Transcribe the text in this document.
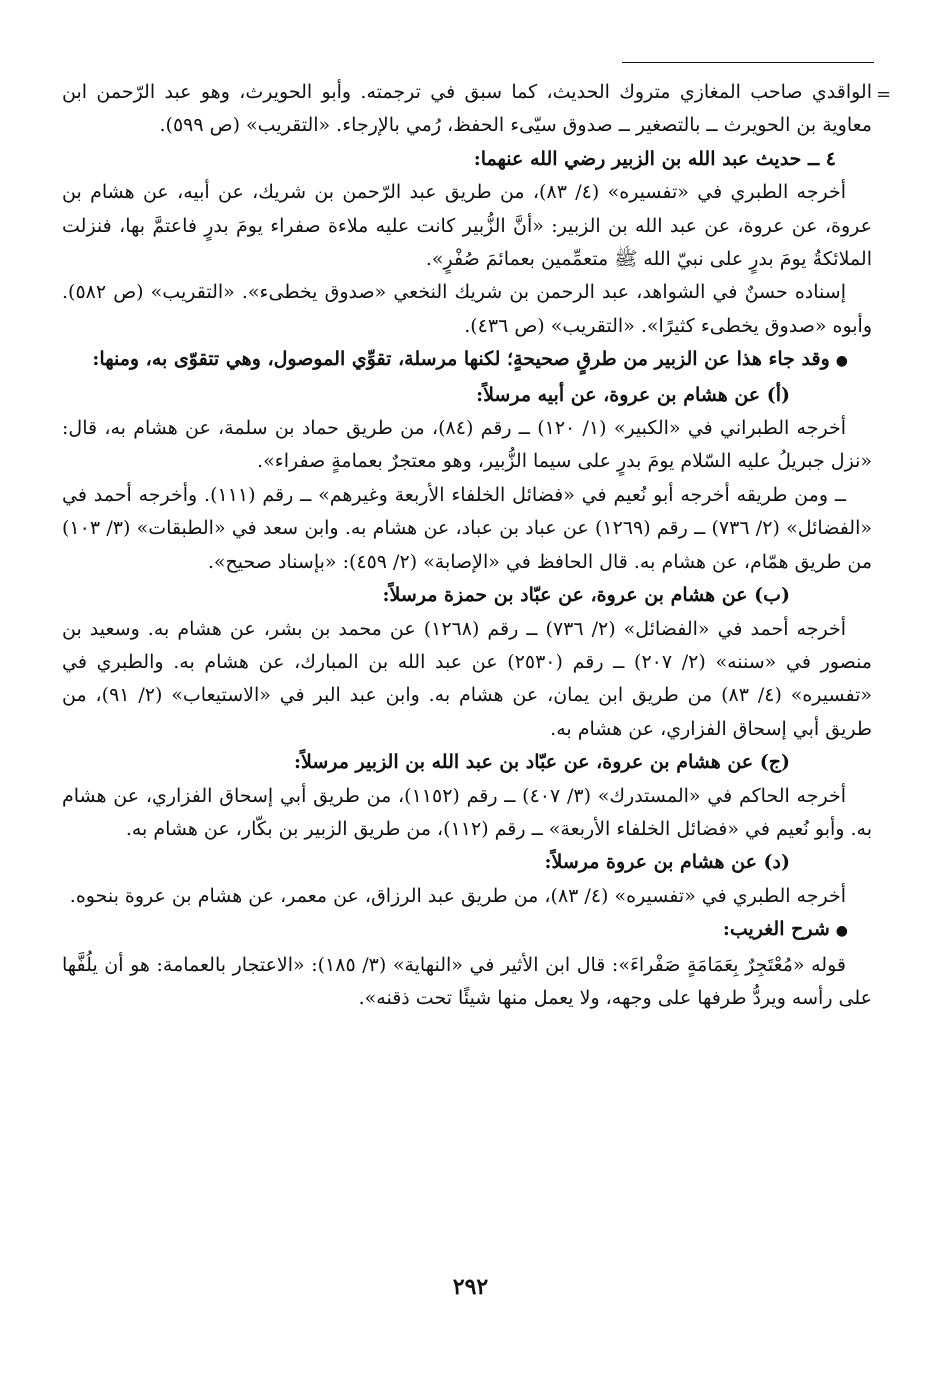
=

الواقدي صاحب المغازي متروك الحديث، كما سبق في ترجمته. وأبو الحويرث، وهو عبد الرّحمن ابن معاوية بن الحويرث ــ بالتصغير ــ صدوق سيّىء الحفظ، رُمي بالإرجاء. «التقريب» (ص ٥٩٩).

٤ ــ حديث عبد الله بن الزبير رضي الله عنهما:

أخرجه الطبري في «تفسيره» (٤/ ٨٣)، من طريق عبد الرّحمن بن شريك، عن أبيه، عن هشام بن عروة، عن عروة، عن عبد الله بن الزبير: «أنَّ الزُّبير كانت عليه ملاءة صفراء يومَ بدرٍ فاعتمَّ بها، فنزلت الملائكةُ يومَ بدرٍ على نبيّ الله ﷺ متعمِّمين بعمائمَ صُفْرٍ».

إسناده حسنٌ في الشواهد، عبد الرحمن بن شريك النخعي «صدوق يخطىء». «التقريب» (ص ٥٨٢). وأبوه «صدوق يخطىء كثيرًا». «التقريب» (ص ٤٣٦).

●وقد جاء هذا عن الزبير من طرقٍ صحيحةٍ؛ لكنها مرسلة، تقوِّي الموصول، وهي تتقوّى به، ومنها:

(أ) عن هشام بن عروة، عن أبيه مرسلاً:

أخرجه الطبراني في «الكبير» (١/ ١٢٠) ــ رقم (٨٤)، من طريق حماد بن سلمة، عن هشام به، قال: «نزل جبريلُ عليه السّلام يومَ بدرٍ على سيما الزُّبير، وهو معتجرٌ بعمامةٍ صفراء».

ــ ومن طريقه أخرجه أبو نُعيم في «فضائل الخلفاء الأربعة وغيرهم» ــ رقم (١١١). وأخرجه أحمد في «الفضائل» (٢/ ٧٣٦) ــ رقم (١٢٦٩) عن عباد بن عباد، عن هشام به. وابن سعد في «الطبقات» (٣/ ١٠٣) من طريق همّام، عن هشام به. قال الحافظ في «الإصابة» (٢/ ٤٥٩): «بإسناد صحيح».

(ب) عن هشام بن عروة، عن عبّاد بن حمزة مرسلاً:

أخرجه أحمد في «الفضائل» (٢/ ٧٣٦) ــ رقم (١٢٦٨) عن محمد بن بشر، عن هشام به. وسعيد بن منصور في «سننه» (٢/ ٢٠٧) ــ رقم (٢٥٣٠) عن عبد الله بن المبارك، عن هشام به. والطبري في «تفسيره» (٤/ ٨٣) من طريق ابن يمان، عن هشام به. وابن عبد البر في «الاستيعاب» (٢/ ٩١)، من طريق أبي إسحاق الفزاري، عن هشام به.

(ج) عن هشام بن عروة، عن عبّاد بن عبد الله بن الزبير مرسلاً:

أخرجه الحاكم في «المستدرك» (٣/ ٤٠٧) ــ رقم (١١٥٢)، من طريق أبي إسحاق الفزاري، عن هشام به. وأبو نُعيم في «فضائل الخلفاء الأربعة» ــ رقم (١١٢)، من طريق الزبير بن بكّار، عن هشام به.

(د) عن هشام بن عروة مرسلاً:

أخرجه الطبري في «تفسيره» (٤/ ٨٣)، من طريق عبد الرزاق، عن معمر، عن هشام بن عروة بنحوه.

●شرح الغريب:

قوله «مُعْتَجِرٌ بِعَمَامَةٍ صَفْراءَ»: قال ابن الأثير في «النهاية» (٣/ ١٨٥): «الاعتجار بالعمامة: هو أن يلُفَّها على رأسه ويردُّ طرفها على وجهه، ولا يعمل منها شيئًا تحت ذقنه».

٢٩٢
